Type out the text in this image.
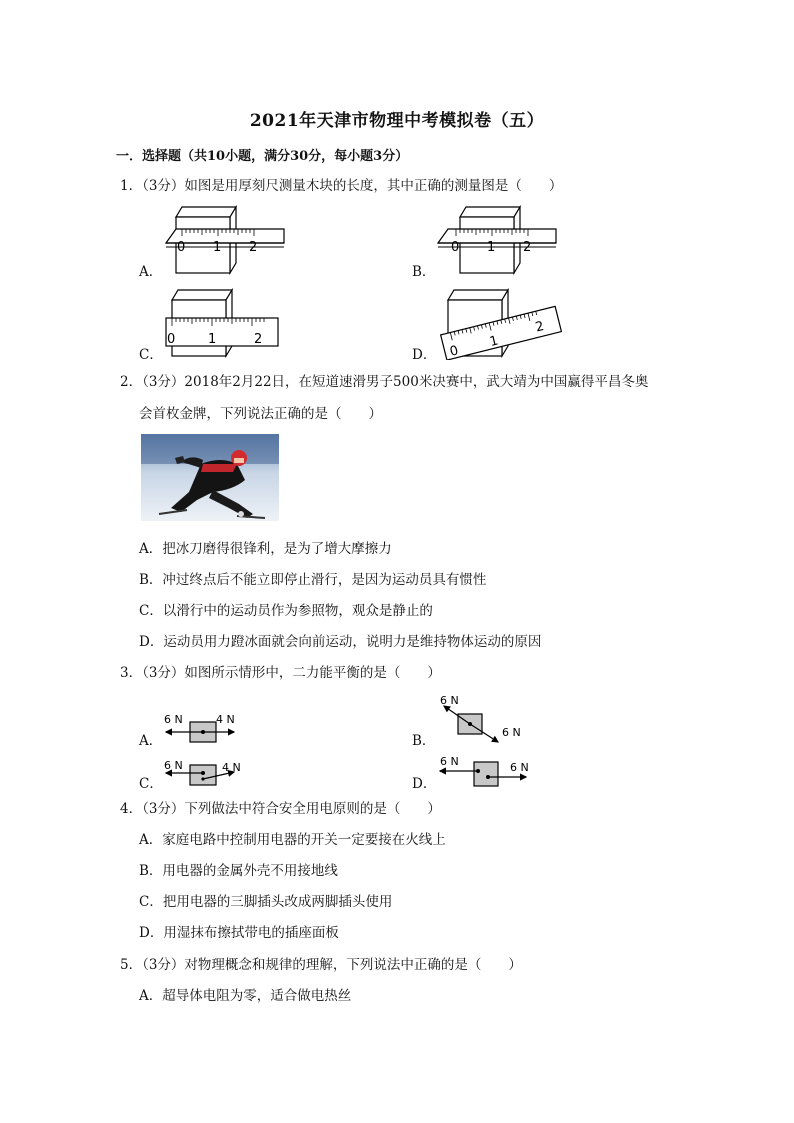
2021年天津市物理中考模拟卷（五）
一．选择题（共10小题，满分30分，每小题3分）
1．（3分）如图是用厚刻尺测量木块的长度，其中正确的测量图是（　　）
A．
0 1 2
B．
0 1 2
C．
0	1	2
D． 0
1
2
2．（3分）2018年2月22日，在短道速滑男子500米决赛中，武大靖为中国赢得平昌冬奥
会首枚金牌，下列说法正确的是（　　）
A．把冰刀磨得很锋利，是为了增大摩擦力
B．冲过终点后不能立即停止滑行，是因为运动员具有惯性
C．以滑行中的运动员作为参照物，观众是静止的
D．运动员用力蹬冰面就会向前运动，说明力是维持物体运动的原因
3．（3分）如图所示情形中，二力能平衡的是（　　）
A．
6 N	4 N
B．
6 N
6 N
C．
6 N	4 N
D．
6 N	6 N
4．（3分）下列做法中符合安全用电原则的是（　　）
A．家庭电路中控制用电器的开关一定要接在火线上
B．用电器的金属外壳不用接地线
C．把用电器的三脚插头改成两脚插头使用
D．用湿抹布擦拭带电的插座面板
5．（3分）对物理概念和规律的理解，下列说法中正确的是（　　）
A．超导体电阻为零，适合做电热丝
